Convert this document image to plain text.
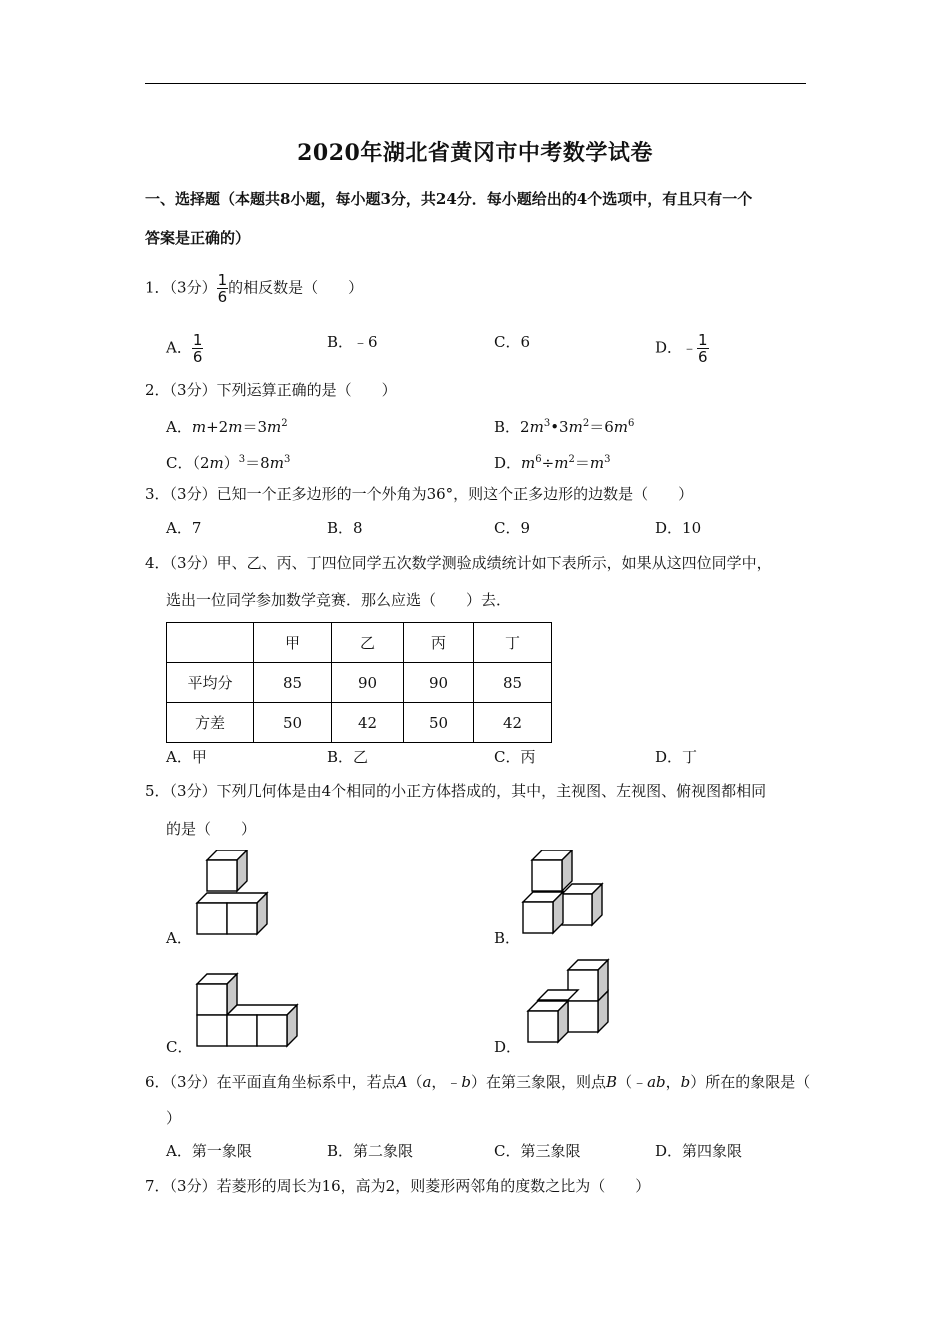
2020年湖北省黄冈市中考数学试卷
一、选择题（本题共8小题，每小题3分，共24分．每小题给出的4个选项中，有且只有一个
答案是正确的）
1．（3分） $\frac{1}{6}$ 的相反数是（　　）
A． $\frac{1}{6}$	B．﹣6	C．6	D．﹣ $\frac{1}{6}$
2．（3分）下列运算正确的是（　　）
A．$m+2m=3m^2$	B．$2m^3•3m^2=6m^6$
C．$(2m)^3=8m^3$	D．$m^6\div m^2=m^3$
3．（3分）已知一个正多边形的一个外角为36°，则这个正多边形的边数是（　　）
A．7	B．8	C．9	D．10
4．（3分）甲、乙、丙、丁四位同学五次数学测验成绩统计如下表所示，如果从这四位同学中，
选出一位同学参加数学竞赛．那么应选（　　）去．
	甲	乙	丙	丁
平均分	85	90	90	85
方差	50	42	50	42
A．甲	B．乙	C．丙	D．丁
5．（3分）下列几何体是由4个相同的小正方体搭成的，其中，主视图、左视图、俯视图都相同
的是（　　）
A．	B．
C．	D．
6．（3分）在平面直角坐标系中，若点A（a，﹣b）在第三象限，则点B（﹣ab，b）所在的象限是（
）
A．第一象限	B．第二象限	C．第三象限	D．第四象限
7．（3分）若菱形的周长为16，高为2，则菱形两邻角的度数之比为（　　）
